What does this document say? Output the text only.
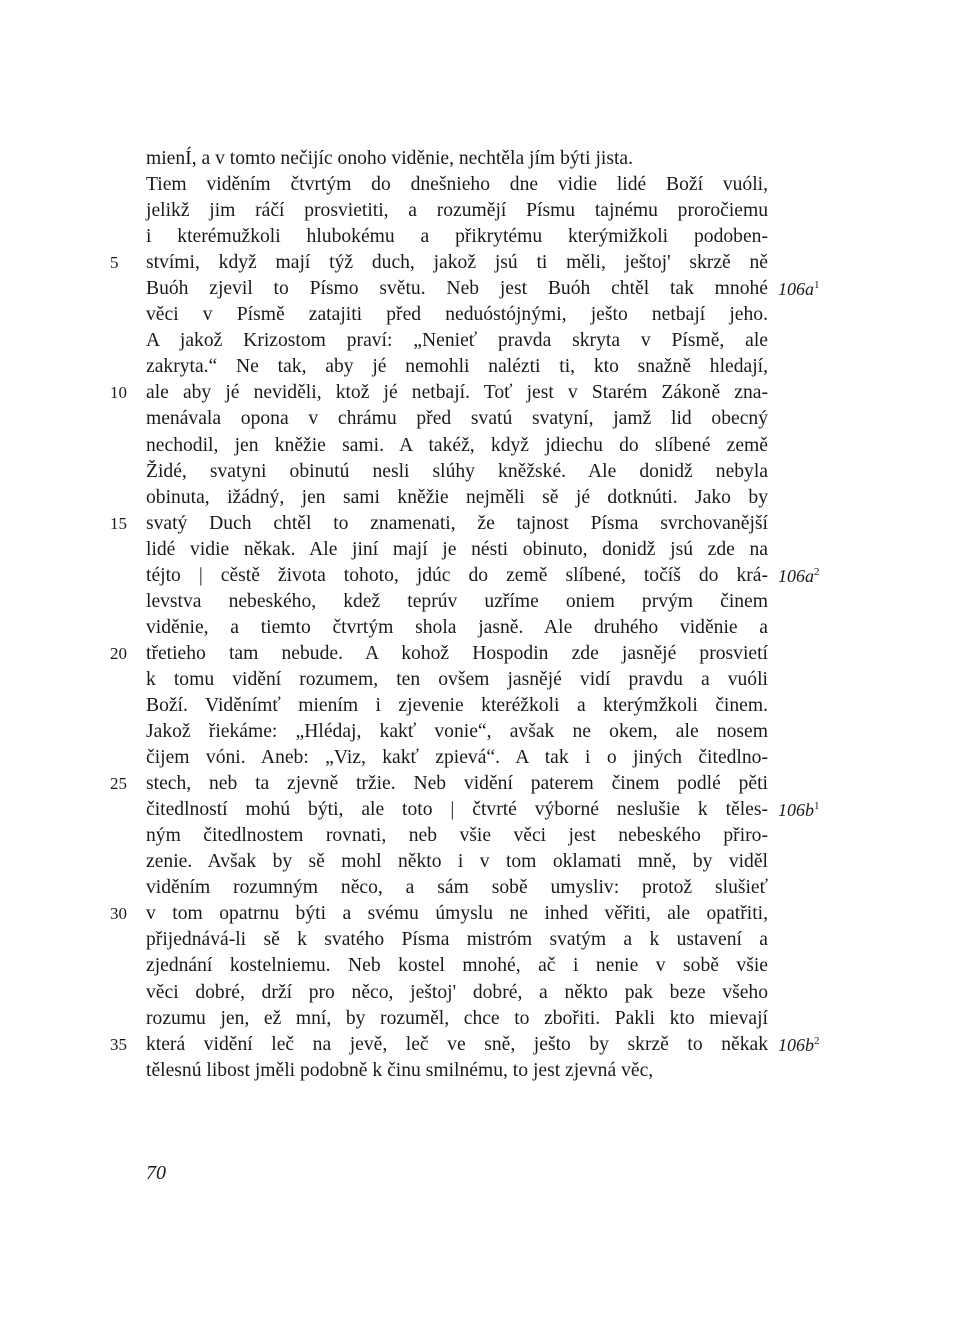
mienÍ, a v tomto nečijíc onoho viděnie, nechtěla jím býti jista.
Tiem viděním čtvrtým do dnešnieho dne vidie lidé Boží vuóli,
jelikž jim ráčí prosvietiti, a rozumějí Písmu tajnému proročiemu
i kterémužkoli hlubokému a přikrytému kterýmižkoli podoben-
5	stvími, když mají týž duch, jakož jsú ti měli, ještoj' skrzě ně
Buóh zjevil to Písmo světu. Neb jest Buóh chtěl tak mnohé $106a^1$
věci v Písmě zatajiti před neduóstójnými, ješto netbají jeho.
A jakož Krizostom praví: „Nenieť pravda skryta v Písmě, ale
zakryta.“ Ne tak, aby jé nemohli nalézti ti, kto snažně hledají,
10 ale aby jé neviděli, ktož jé netbají. Toť jest v Starém Zákoně zna-
menávala opona v chrámu před svatú svatyní, jamž lid obecný
nechodil, jen kněžie sami. A takéž, když jdiechu do slíbené země
Židé, svatyni obinutú nesli slúhy kněžské. Ale donidž nebyla
obinuta, ižádný, jen sami kněžie nejměli sě jé dotknúti. Jako by
15 svatý Duch chtěl to znamenati, že tajnost Písma svrchovanější
lidé vidie někak. Ale jiní mají je nésti obinuto, donidž jsú zde na
téjto | cěstě života tohoto, jdúc do země slíbené, točíš do krá- $106a^2$
levstva nebeského, kdež teprúv uzříme oniem prvým činem
viděnie, a tiemto čtvrtým shola jasně. Ale druhého viděnie a
20 třetieho tam nebude. A kohož Hospodin zde jasnějé prosvietí
k tomu vidění rozumem, ten ovšem jasnějé vidí pravdu a vuóli
Boží. Viděnímť miením i zjevenie kteréžkoli a kterýmžkoli činem.
Jakož řiekáme: „Hlédaj, kakť vonie“, avšak ne okem, ale nosem
čijem vóni. Aneb: „Viz, kakť zpievá“. A tak i o jiných čitedlno-
25 stech, neb ta zjevně tržie. Neb vidění paterem činem podlé pěti
čitedlností mohú býti, ale toto | čtvrté výborné neslušie k těles- $106b^1$
ným čitedlnostem rovnati, neb všie věci jest nebeského přiro-
zenie. Avšak by sě mohl někto i v tom oklamati mně, by viděl
viděním rozumným něco, a sám sobě umysliv: protož slušieť
30 v tom opatrnu býti a svému úmyslu ne inhed věřiti, ale opatřiti,
přijednává-li sě k svatého Písma mistróm svatým a k ustavení a
zjednání kostelniemu. Neb kostel mnohé, ač i nenie v sobě všie
věci dobré, drží pro něco, ještoj' dobré, a někto pak beze všeho
rozumu jen, ež mní, by rozuměl, chce to zbořiti. Pakli kto mievají
35 která vidění leč na jevě, leč ve sně, ješto by skrzě to někak $106b^2$
tělesnú libost jměli podobně k činu smilnému, to jest zjevná věc,
70
